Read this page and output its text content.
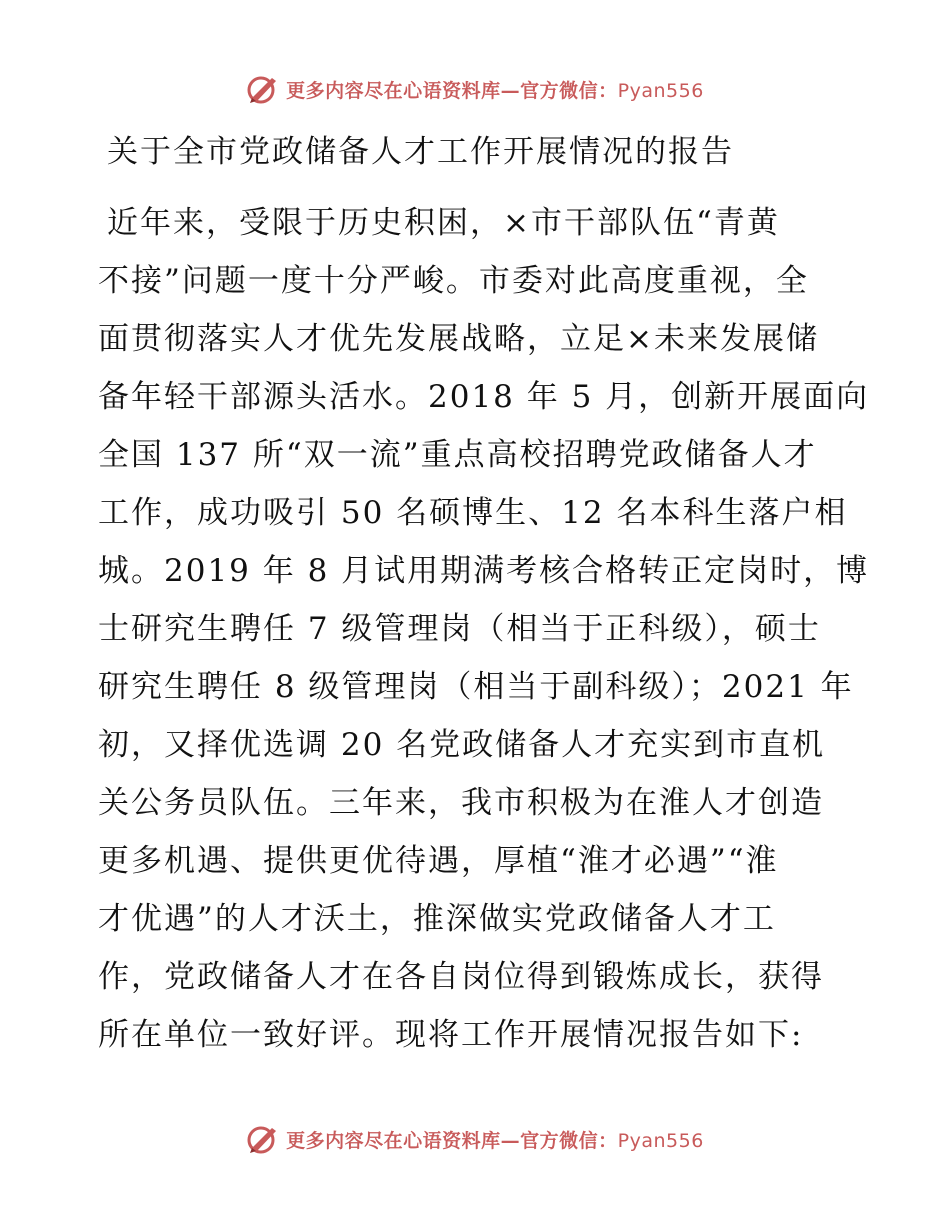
更多内容尽在心语资料库—官方微信：Pyan556
关于全市党政储备人才工作开展情况的报告
近年来，受限于历史积困，×市干部队伍“青黄
不接”问题一度十分严峻。市委对此高度重视，全
面贯彻落实人才优先发展战略，立足×未来发展储
备年轻干部源头活水。2018 年 5 月，创新开展面向
全国 137 所“双一流”重点高校招聘党政储备人才
工作，成功吸引 50 名硕博生、12 名本科生落户相
城。2019 年 8 月试用期满考核合格转正定岗时，博
士研究生聘任 7 级管理岗（相当于正科级），硕士
研究生聘任 8 级管理岗（相当于副科级）；2021 年
初，又择优选调 20 名党政储备人才充实到市直机
关公务员队伍。三年来，我市积极为在淮人才创造
更多机遇、提供更优待遇，厚植“淮才必遇”“淮
才优遇”的人才沃土，推深做实党政储备人才工
作，党政储备人才在各自岗位得到锻炼成长，获得
所在单位一致好评。现将工作开展情况报告如下:
更多内容尽在心语资料库—官方微信：Pyan556
